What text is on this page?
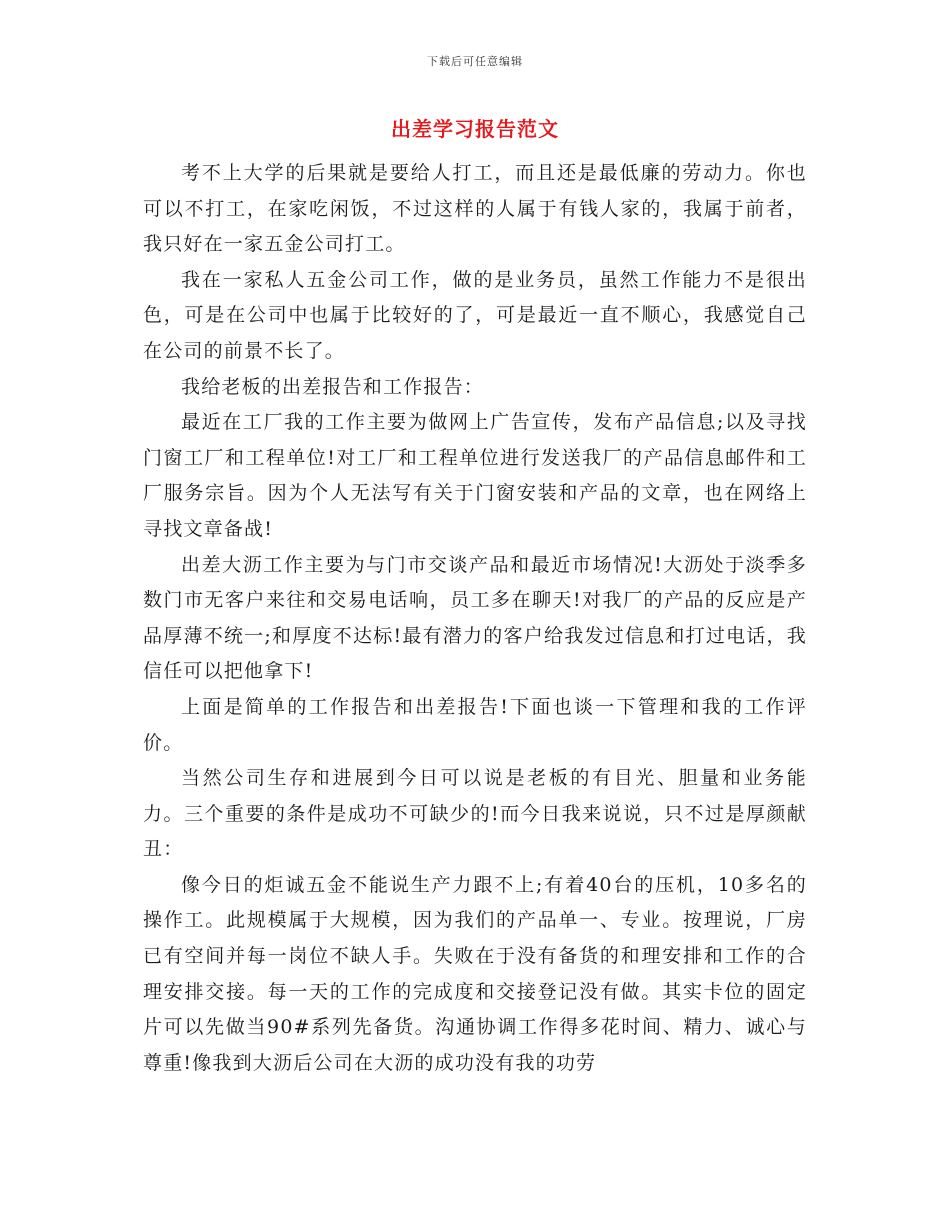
下载后可任意编辑
出差学习报告范文

考不上大学的后果就是要给人打工，而且还是最低廉的劳动力。你也可以不打工，在家吃闲饭，不过这样的人属于有钱人家的，我属于前者，我只好在一家五金公司打工。

我在一家私人五金公司工作，做的是业务员，虽然工作能力不是很出色，可是在公司中也属于比较好的了，可是最近一直不顺心，我感觉自己在公司的前景不长了。

我给老板的出差报告和工作报告：

最近在工厂我的工作主要为做网上广告宣传，发布产品信息;以及寻找门窗工厂和工程单位!对工厂和工程单位进行发送我厂的产品信息邮件和工厂服务宗旨。因为个人无法写有关于门窗安装和产品的文章，也在网络上寻找文章备战!

出差大沥工作主要为与门市交谈产品和最近市场情况!大沥处于淡季多数门市无客户来往和交易电话响，员工多在聊天!对我厂的产品的反应是产品厚薄不统一;和厚度不达标!最有潜力的客户给我发过信息和打过电话，我信任可以把他拿下!

上面是简单的工作报告和出差报告!下面也谈一下管理和我的工作评价。

当然公司生存和进展到今日可以说是老板的有目光、胆量和业务能力。三个重要的条件是成功不可缺少的!而今日我来说说，只不过是厚颜献丑：

像今日的炬诚五金不能说生产力跟不上;有着40台的压机，10多名的操作工。此规模属于大规模，因为我们的产品单一、专业。按理说，厂房已有空间并每一岗位不缺人手。失败在于没有备货的和理安排和工作的合理安排交接。每一天的工作的完成度和交接登记没有做。其实卡位的固定片可以先做当90#系列先备货。沟通协调工作得多花时间、精力、诚心与尊重!像我到大沥后公司在大沥的成功没有我的功劳
